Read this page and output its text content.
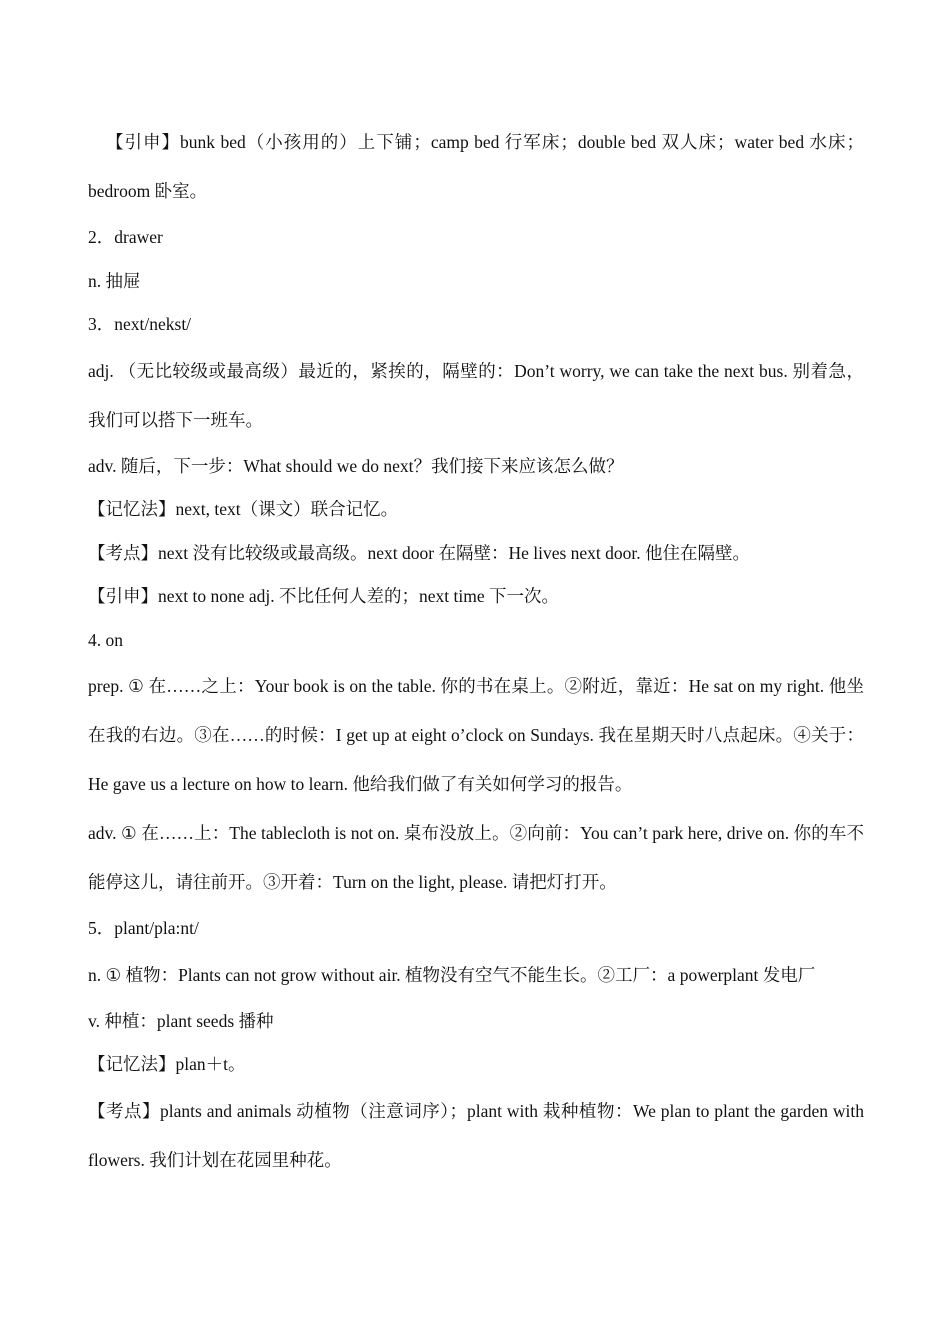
【引申】bunk bed（小孩用的）上下铺；camp bed 行军床；double bed 双人床；water bed 水床；bedroom 卧室。

2．drawer

n. 抽屉

3．next/nekst/

adj. （无比较级或最高级）最近的，紧挨的，隔壁的：Don’t worry, we can take the next bus. 别着急，我们可以搭下一班车。

adv. 随后，下一步：What should we do next？我们接下来应该怎么做？

【记忆法】next, text（课文）联合记忆。

【考点】next 没有比较级或最高级。next door 在隔壁：He lives next door. 他住在隔壁。

【引申】next to none adj. 不比任何人差的；next time 下一次。

4. on

prep. ① 在……之上：Your book is on the table. 你的书在桌上。②附近，靠近：He sat on my right. 他坐在我的右边。③在……的时候：I get up at eight o’clock on Sundays. 我在星期天时八点起床。④关于：He gave us a lecture on how to learn. 他给我们做了有关如何学习的报告。

adv. ① 在……上：The tablecloth is not on. 桌布没放上。②向前：You can’t park here, drive on. 你的车不能停这儿，请往前开。③开着：Turn on the light, please. 请把灯打开。

5．plant/pla:nt/

n. ① 植物：Plants can not grow without air. 植物没有空气不能生长。②工厂：a powerplant 发电厂

v. 种植：plant seeds 播种

【记忆法】plan＋t。

【考点】plants and animals 动植物（注意词序）；plant with 栽种植物：We plan to plant the garden with flowers. 我们计划在花园里种花。
